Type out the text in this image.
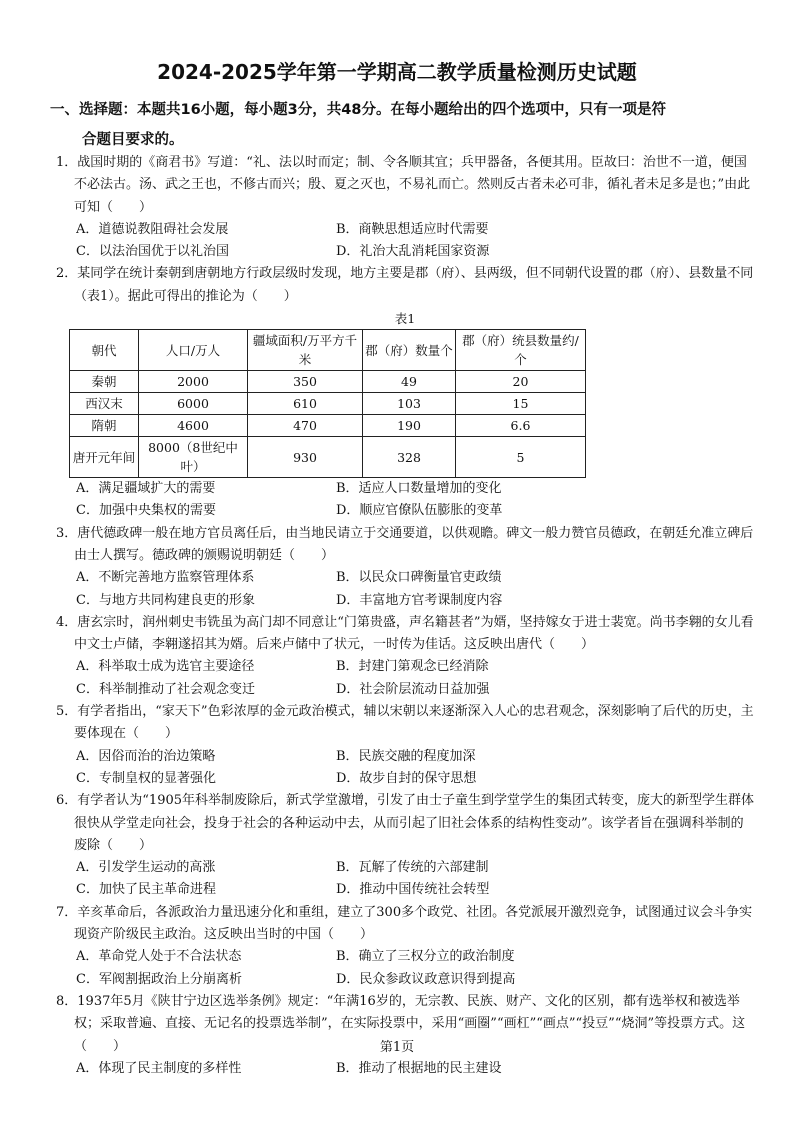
2024-2025学年第一学期高二教学质量检测历史试题
一、选择题：本题共16小题，每小题3分，共48分。在每小题给出的四个选项中，只有一项是符
合题目要求的。
1．战国时期的《商君书》写道：“礼、法以时而定；制、令各顺其宜；兵甲器备，各便其用。臣故曰：治世不一道，便国不必法古。汤、武之王也，不修古而兴；殷、夏之灭也，不易礼而亡。然则反古者未必可非，循礼者未足多是也；”由此可知（　　）
A．道德说教阻碍社会发展	B．商鞅思想适应时代需要
C．以法治国优于以礼治国	D．礼治大乱消耗国家资源
2．某同学在统计秦朝到唐朝地方行政层级时发现，地方主要是郡（府）、县两级，但不同朝代设置的郡（府）、县数量不同（表1）。据此可得出的推论为（　　）
表1
朝代	人口/万人	疆域面积/万平方千米	郡（府）数量个	郡（府）统县数量约/个
秦朝	2000	350	49	20
西汉末	6000	610	103	15
隋朝	4600	470	190	6.6
唐开元年间	8000（8世纪中叶）	930	328	5
A．满足疆域扩大的需要	B．适应人口数量增加的变化
C．加强中央集权的需要	D．顺应官僚队伍膨胀的变革
3．唐代德政碑一般在地方官员离任后，由当地民请立于交通要道，以供观瞻。碑文一般力赞官员德政，在朝廷允准立碑后由士人撰写。德政碑的颁赐说明朝廷（　　）
A．不断完善地方监察管理体系	B．以民众口碑衡量官吏政绩
C．与地方共同构建良吏的形象	D．丰富地方官考课制度内容
4．唐玄宗时，润州刺史韦铣虽为高门却不同意让“门第贵盛，声名籍甚者”为婿，坚持嫁女于进士裴宽。尚书李翱的女儿看中文士卢储，李翱遂招其为婿。后来卢储中了状元，一时传为佳话。这反映出唐代（　　）
A．科举取士成为选官主要途径	B．封建门第观念已经消除
C．科举制推动了社会观念变迁	D．社会阶层流动日益加强
5．有学者指出，“家天下”色彩浓厚的金元政治模式，辅以宋朝以来逐渐深入人心的忠君观念，深刻影响了后代的历史，主要体现在（　　）
A．因俗而治的治边策略	B．民族交融的程度加深
C．专制皇权的显著强化	D．故步自封的保守思想
6．有学者认为“1905年科举制废除后，新式学堂激增，引发了由士子童生到学堂学生的集团式转变，庞大的新型学生群体很快从学堂走向社会，投身于社会的各种运动中去，从而引起了旧社会体系的结构性变动”。该学者旨在强调科举制的废除（　　）
A．引发学生运动的高涨	B．瓦解了传统的六部建制
C．加快了民主革命进程	D．推动中国传统社会转型
7．辛亥革命后，各派政治力量迅速分化和重组，建立了300多个政党、社团。各党派展开激烈竞争，试图通过议会斗争实现资产阶级民主政治。这反映出当时的中国（　　）
A．革命党人处于不合法状态	B．确立了三权分立的政治制度
C．军阀割据政治上分崩离析	D．民众参政议政意识得到提高
8．1937年5月《陕甘宁边区选举条例》规定：“年满16岁的，无宗教、民族、财产、文化的区别，都有选举权和被选举权；采取普遍、直接、无记名的投票选举制”，在实际投票中，采用“画圈”“画杠”“画点”“投豆”“烧洞”等投票方式。这（　　）
A．体现了民主制度的多样性	B．推动了根据地的民主建设
第1页
